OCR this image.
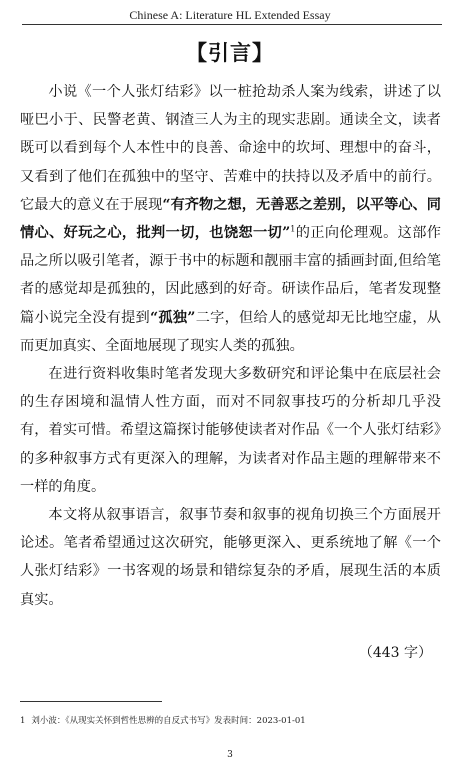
Chinese A: Literature HL Extended Essay
【引言】

小说《一个人张灯结彩》以一桩抢劫杀人案为线索，讲述了以哑巴小于、民警老黄、钢渣三人为主的现实悲剧。通读全文，读者既可以看到每个人本性中的良善、命途中的坎坷、理想中的奋斗，又看到了他们在孤独中的坚守、苦难中的扶持以及矛盾中的前行。它最大的意义在于展现“有齐物之想，无善恶之差别，以平等心、同情心、好玩之心，批判一切，也饶恕一切”$^1$的正向伦理观。这部作品之所以吸引笔者，源于书中的标题和靓丽丰富的插画封面,但给笔者的感觉却是孤独的，因此感到的好奇。研读作品后，笔者发现整篇小说完全没有提到“孤独”二字，但给人的感觉却无比地空虚，从而更加真实、全面地展现了现实人类的孤独。

在进行资料收集时笔者发现大多数研究和评论集中在底层社会的生存困境和温情人性方面，而对不同叙事技巧的分析却几乎没有，着实可惜。希望这篇探讨能够使读者对作品《一个人张灯结彩》的多种叙事方式有更深入的理解，为读者对作品主题的理解带来不一样的角度。

本文将从叙事语言，叙事节奏和叙事的视角切换三个方面展开论述。笔者希望通过这次研究，能够更深入、更系统地了解《一个人张灯结彩》一书客观的场景和错综复杂的矛盾，展现生活的本质真实。

（443 字）
1 刘小波：《从现实关怀到哲性思辨的自反式书写》发表时间：2023-01-01
3
